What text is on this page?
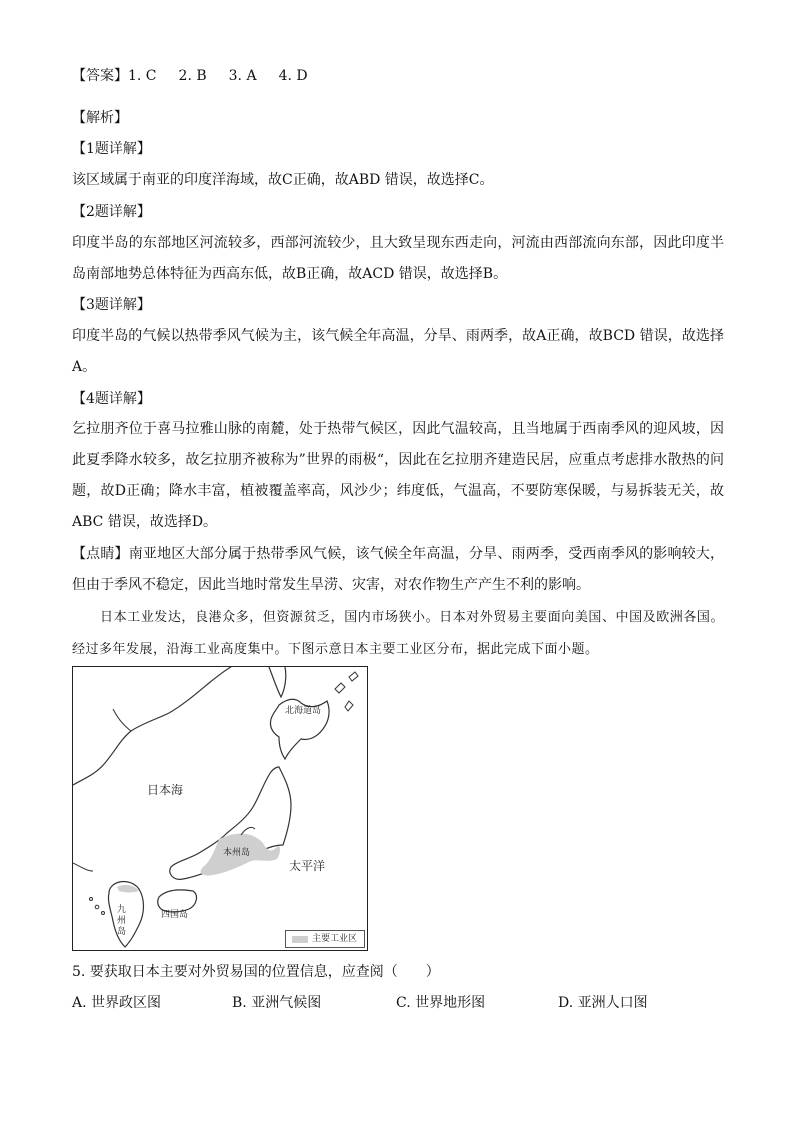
【答案】1. C 2. B 3. A 4. D
【解析】
【1题详解】
该区域属于南亚的印度洋海域，故C正确，故ABD 错误，故选择C。
【2题详解】
印度半岛的东部地区河流较多，西部河流较少，且大致呈现东西走向，河流由西部流向东部，因此印度半岛南部地势总体特征为西高东低，故B正确，故ACD 错误，故选择B。
【3题详解】
印度半岛的气候以热带季风气候为主，该气候全年高温，分旱、雨两季，故A正确，故BCD 错误，故选择A。
【4题详解】
乞拉朋齐位于喜马拉雅山脉的南麓，处于热带气候区，因此气温较高，且当地属于西南季风的迎风坡，因此夏季降水较多，故乞拉朋齐被称为”世界的雨极“，因此在乞拉朋齐建造民居，应重点考虑排水散热的问题，故D正确；降水丰富，植被覆盖率高，风沙少；纬度低，气温高，不要防寒保暖，与易拆装无关，故ABC 错误，故选择D。
【点睛】南亚地区大部分属于热带季风气候，该气候全年高温，分旱、雨两季，受西南季风的影响较大，但由于季风不稳定，因此当地时常发生旱涝、灾害，对农作物生产产生不利的影响。
日本工业发达，良港众多，但资源贫乏，国内市场狭小。日本对外贸易主要面向美国、中国及欧洲各国。经过多年发展，沿海工业高度集中。下图示意日本主要工业区分布，据此完成下面小题。
日本海
太平洋
北海道岛
本州岛
四国岛
九州岛
主要工业区
5. 要获取日本主要对外贸易国的位置信息，应查阅（　　）
A. 世界政区图	B. 亚洲气候图	C. 世界地形图	D. 亚洲人口图
